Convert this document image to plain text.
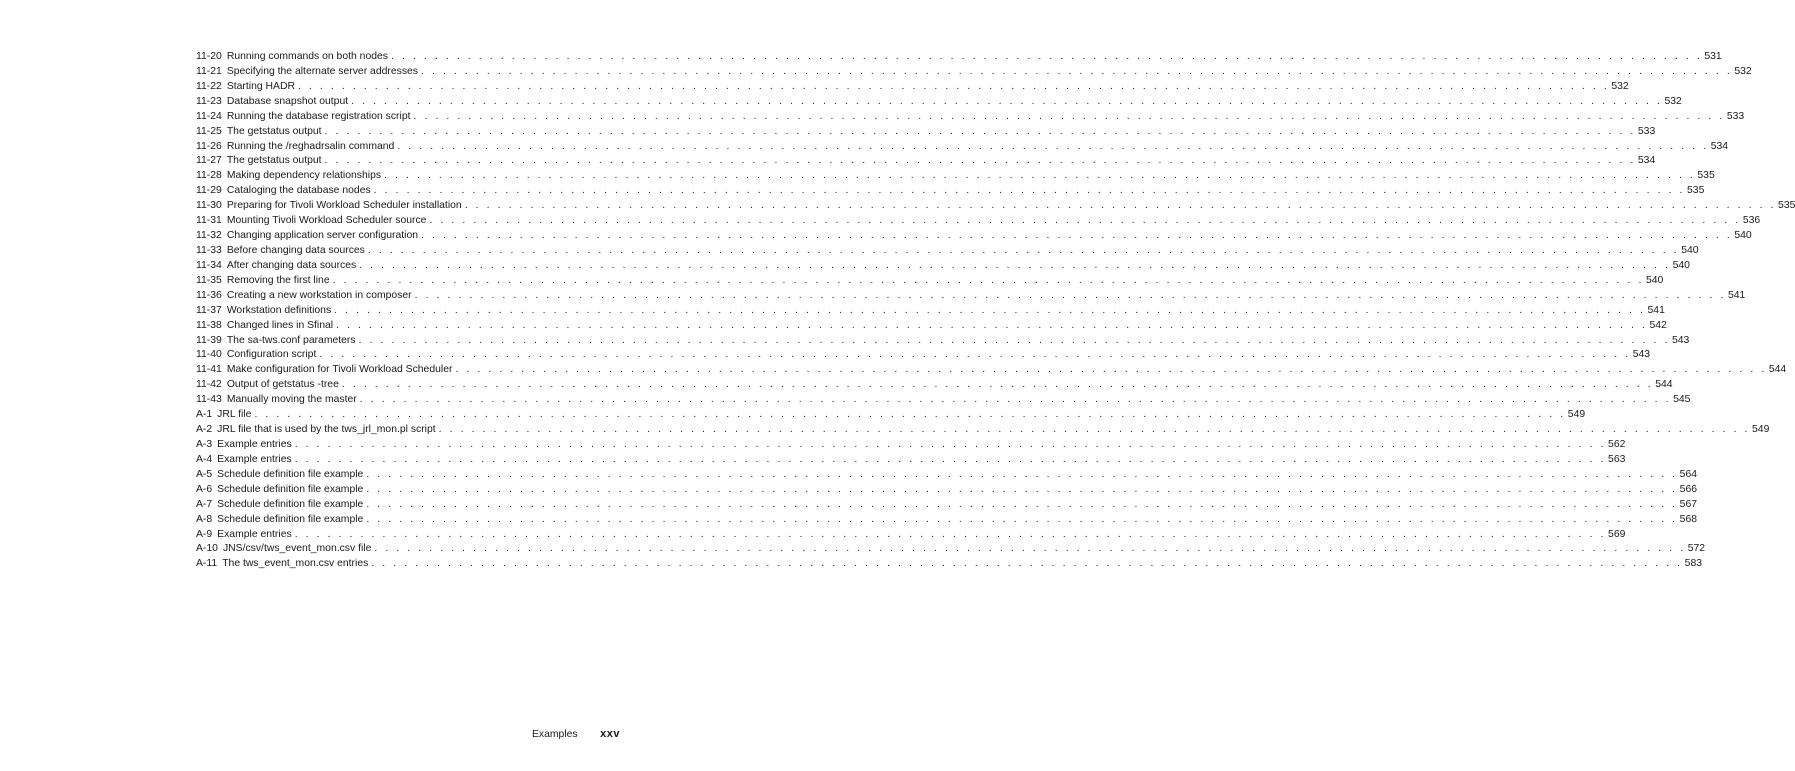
11-20 Running commands on both nodes . . . . . . . . . . . . . . . . . . . . . . . . . . . . . . . . . . . . . . . . . . . . . . . . . . . . . . . . . . . . . . . . . . . . . . . . . . . . . . . . . . . . . . . . . . . . . . . . . . . . . . . . . . . . . . . . . . . . . . . . 531
11-21 Specifying the alternate server addresses . . . . . . . . . . . . . . . . . . . . . . . . . . . . . . . . . . . . . . . . . . . . . . . . . . . . . . . . . . . . . . . . . . . . . . . . . . . . . . . . . . . . . . . . . . . . . . . . . . . . . . . . . . . . . . . . . . . . . . . . 532
11-22 Starting HADR . . . . . . . . . . . . . . . . . . . . . . . . . . . . . . . . . . . . . . . . . . . . . . . . . . . . . . . . . . . . . . . . . . . . . . . . . . . . . . . . . . . . . . . . . . . . . . . . . . . . . . . . . . . . . . . . . . . . . . . . 532
11-23 Database snapshot output . . . . . . . . . . . . . . . . . . . . . . . . . . . . . . . . . . . . . . . . . . . . . . . . . . . . . . . . . . . . . . . . . . . . . . . . . . . . . . . . . . . . . . . . . . . . . . . . . . . . . . . . . . . . . . . . . . . . . . . . 532
11-24 Running the database registration script . . . . . . . . . . . . . . . . . . . . . . . . . . . . . . . . . . . . . . . . . . . . . . . . . . . . . . . . . . . . . . . . . . . . . . . . . . . . . . . . . . . . . . . . . . . . . . . . . . . . . . . . . . . . . . . . . . . . . . . . 533
11-25 The getstatus output . . . . . . . . . . . . . . . . . . . . . . . . . . . . . . . . . . . . . . . . . . . . . . . . . . . . . . . . . . . . . . . . . . . . . . . . . . . . . . . . . . . . . . . . . . . . . . . . . . . . . . . . . . . . . . . . . . . . . . . . 533
11-26 Running the /reghadrsalin command . . . . . . . . . . . . . . . . . . . . . . . . . . . . . . . . . . . . . . . . . . . . . . . . . . . . . . . . . . . . . . . . . . . . . . . . . . . . . . . . . . . . . . . . . . . . . . . . . . . . . . . . . . . . . . . . . . . . . . . . 534
11-27 The getstatus output . . . . . . . . . . . . . . . . . . . . . . . . . . . . . . . . . . . . . . . . . . . . . . . . . . . . . . . . . . . . . . . . . . . . . . . . . . . . . . . . . . . . . . . . . . . . . . . . . . . . . . . . . . . . . . . . . . . . . . . . 534
11-28 Making dependency relationships . . . . . . . . . . . . . . . . . . . . . . . . . . . . . . . . . . . . . . . . . . . . . . . . . . . . . . . . . . . . . . . . . . . . . . . . . . . . . . . . . . . . . . . . . . . . . . . . . . . . . . . . . . . . . . . . . . . . . . . . 535
11-29 Cataloging the database nodes . . . . . . . . . . . . . . . . . . . . . . . . . . . . . . . . . . . . . . . . . . . . . . . . . . . . . . . . . . . . . . . . . . . . . . . . . . . . . . . . . . . . . . . . . . . . . . . . . . . . . . . . . . . . . . . . . . . . . . . . 535
11-30 Preparing for Tivoli Workload Scheduler installation . . . . . . . . . . . . . . . . . . . . . . . . . . . . . . . . . . . . . . . . . . . . . . . . . . . . . . . . . . . . . . . . . . . . . . . . . . . . . . . . . . . . . . . . . . . . . . . . . . . . . . . . . . . . . . . . . . . . . . . . 535
11-31 Mounting Tivoli Workload Scheduler source . . . . . . . . . . . . . . . . . . . . . . . . . . . . . . . . . . . . . . . . . . . . . . . . . . . . . . . . . . . . . . . . . . . . . . . . . . . . . . . . . . . . . . . . . . . . . . . . . . . . . . . . . . . . . . . . . . . . . . . . 536
11-32 Changing application server configuration . . . . . . . . . . . . . . . . . . . . . . . . . . . . . . . . . . . . . . . . . . . . . . . . . . . . . . . . . . . . . . . . . . . . . . . . . . . . . . . . . . . . . . . . . . . . . . . . . . . . . . . . . . . . . . . . . . . . . . . . 540
11-33 Before changing data sources . . . . . . . . . . . . . . . . . . . . . . . . . . . . . . . . . . . . . . . . . . . . . . . . . . . . . . . . . . . . . . . . . . . . . . . . . . . . . . . . . . . . . . . . . . . . . . . . . . . . . . . . . . . . . . . . . . . . . . . . 540
11-34 After changing data sources . . . . . . . . . . . . . . . . . . . . . . . . . . . . . . . . . . . . . . . . . . . . . . . . . . . . . . . . . . . . . . . . . . . . . . . . . . . . . . . . . . . . . . . . . . . . . . . . . . . . . . . . . . . . . . . . . . . . . . . . 540
11-35 Removing the first line . . . . . . . . . . . . . . . . . . . . . . . . . . . . . . . . . . . . . . . . . . . . . . . . . . . . . . . . . . . . . . . . . . . . . . . . . . . . . . . . . . . . . . . . . . . . . . . . . . . . . . . . . . . . . . . . . . . . . . . . 540
11-36 Creating a new workstation in composer . . . . . . . . . . . . . . . . . . . . . . . . . . . . . . . . . . . . . . . . . . . . . . . . . . . . . . . . . . . . . . . . . . . . . . . . . . . . . . . . . . . . . . . . . . . . . . . . . . . . . . . . . . . . . . . . . . . . . . . . 541
11-37 Workstation definitions . . . . . . . . . . . . . . . . . . . . . . . . . . . . . . . . . . . . . . . . . . . . . . . . . . . . . . . . . . . . . . . . . . . . . . . . . . . . . . . . . . . . . . . . . . . . . . . . . . . . . . . . . . . . . . . . . . . . . . . . 541
11-38 Changed lines in Sfinal . . . . . . . . . . . . . . . . . . . . . . . . . . . . . . . . . . . . . . . . . . . . . . . . . . . . . . . . . . . . . . . . . . . . . . . . . . . . . . . . . . . . . . . . . . . . . . . . . . . . . . . . . . . . . . . . . . . . . . . . 542
11-39 The sa-tws.conf parameters . . . . . . . . . . . . . . . . . . . . . . . . . . . . . . . . . . . . . . . . . . . . . . . . . . . . . . . . . . . . . . . . . . . . . . . . . . . . . . . . . . . . . . . . . . . . . . . . . . . . . . . . . . . . . . . . . . . . . . . . 543
11-40 Configuration script . . . . . . . . . . . . . . . . . . . . . . . . . . . . . . . . . . . . . . . . . . . . . . . . . . . . . . . . . . . . . . . . . . . . . . . . . . . . . . . . . . . . . . . . . . . . . . . . . . . . . . . . . . . . . . . . . . . . . . . . 543
11-41 Make configuration for Tivoli Workload Scheduler . . . . . . . . . . . . . . . . . . . . . . . . . . . . . . . . . . . . . . . . . . . . . . . . . . . . . . . . . . . . . . . . . . . . . . . . . . . . . . . . . . . . . . . . . . . . . . . . . . . . . . . . . . . . . . . . . . . . . . . . 544
11-42 Output of getstatus -tree . . . . . . . . . . . . . . . . . . . . . . . . . . . . . . . . . . . . . . . . . . . . . . . . . . . . . . . . . . . . . . . . . . . . . . . . . . . . . . . . . . . . . . . . . . . . . . . . . . . . . . . . . . . . . . . . . . . . . . . . 544
11-43 Manually moving the master . . . . . . . . . . . . . . . . . . . . . . . . . . . . . . . . . . . . . . . . . . . . . . . . . . . . . . . . . . . . . . . . . . . . . . . . . . . . . . . . . . . . . . . . . . . . . . . . . . . . . . . . . . . . . . . . . . . . . . . . 545
A-1 JRL file . . . . . . . . . . . . . . . . . . . . . . . . . . . . . . . . . . . . . . . . . . . . . . . . . . . . . . . . . . . . . . . . . . . . . . . . . . . . . . . . . . . . . . . . . . . . . . . . . . . . . . . . . . . . . . . . . . . . . . . . 549
A-2 JRL file that is used by the tws_jrl_mon.pl script . . . . . . . . . . . . . . . . . . . . . . . . . . . . . . . . . . . . . . . . . . . . . . . . . . . . . . . . . . . . . . . . . . . . . . . . . . . . . . . . . . . . . . . . . . . . . . . . . . . . . . . . . . . . . . . . . . . . . . . . 549
A-3 Example entries . . . . . . . . . . . . . . . . . . . . . . . . . . . . . . . . . . . . . . . . . . . . . . . . . . . . . . . . . . . . . . . . . . . . . . . . . . . . . . . . . . . . . . . . . . . . . . . . . . . . . . . . . . . . . . . . . . . . . . . . 562
A-4 Example entries . . . . . . . . . . . . . . . . . . . . . . . . . . . . . . . . . . . . . . . . . . . . . . . . . . . . . . . . . . . . . . . . . . . . . . . . . . . . . . . . . . . . . . . . . . . . . . . . . . . . . . . . . . . . . . . . . . . . . . . . 563
A-5 Schedule definition file example . . . . . . . . . . . . . . . . . . . . . . . . . . . . . . . . . . . . . . . . . . . . . . . . . . . . . . . . . . . . . . . . . . . . . . . . . . . . . . . . . . . . . . . . . . . . . . . . . . . . . . . . . . . . . . . . . . . . . . . . 564
A-6 Schedule definition file example . . . . . . . . . . . . . . . . . . . . . . . . . . . . . . . . . . . . . . . . . . . . . . . . . . . . . . . . . . . . . . . . . . . . . . . . . . . . . . . . . . . . . . . . . . . . . . . . . . . . . . . . . . . . . . . . . . . . . . . . 566
A-7 Schedule definition file example . . . . . . . . . . . . . . . . . . . . . . . . . . . . . . . . . . . . . . . . . . . . . . . . . . . . . . . . . . . . . . . . . . . . . . . . . . . . . . . . . . . . . . . . . . . . . . . . . . . . . . . . . . . . . . . . . . . . . . . . 567
A-8 Schedule definition file example . . . . . . . . . . . . . . . . . . . . . . . . . . . . . . . . . . . . . . . . . . . . . . . . . . . . . . . . . . . . . . . . . . . . . . . . . . . . . . . . . . . . . . . . . . . . . . . . . . . . . . . . . . . . . . . . . . . . . . . . 568
A-9 Example entries . . . . . . . . . . . . . . . . . . . . . . . . . . . . . . . . . . . . . . . . . . . . . . . . . . . . . . . . . . . . . . . . . . . . . . . . . . . . . . . . . . . . . . . . . . . . . . . . . . . . . . . . . . . . . . . . . . . . . . . . 569
A-10 JNS/csv/tws_event_mon.csv file . . . . . . . . . . . . . . . . . . . . . . . . . . . . . . . . . . . . . . . . . . . . . . . . . . . . . . . . . . . . . . . . . . . . . . . . . . . . . . . . . . . . . . . . . . . . . . . . . . . . . . . . . . . . . . . . . . . . . . . . 572
A-11 The tws_event_mon.csv entries . . . . . . . . . . . . . . . . . . . . . . . . . . . . . . . . . . . . . . . . . . . . . . . . . . . . . . . . . . . . . . . . . . . . . . . . . . . . . . . . . . . . . . . . . . . . . . . . . . . . . . . . . . . . . . . . . . . . . . . . 583
Examples xxv
